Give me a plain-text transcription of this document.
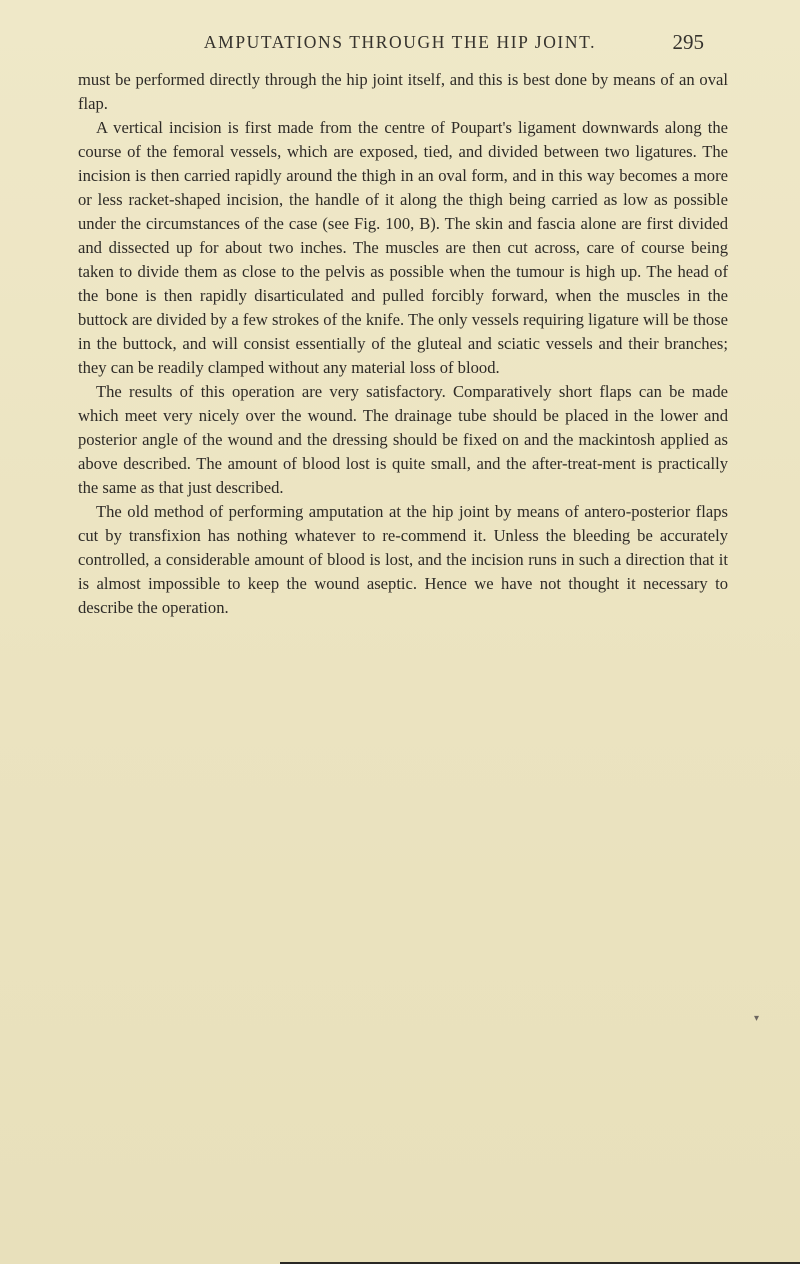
AMPUTATIONS THROUGH THE HIP JOINT.	295

must be performed directly through the hip joint itself, and this is best done by means of an oval flap.

A vertical incision is first made from the centre of Poupart's ligament downwards along the course of the femoral vessels, which are exposed, tied, and divided between two ligatures. The incision is then carried rapidly around the thigh in an oval form, and in this way becomes a more or less racket-shaped incision, the handle of it along the thigh being carried as low as possible under the circumstances of the case (see Fig. 100, B). The skin and fascia alone are first divided and dissected up for about two inches. The muscles are then cut across, care of course being taken to divide them as close to the pelvis as possible when the tumour is high up. The head of the bone is then rapidly disarticulated and pulled forcibly forward, when the muscles in the buttock are divided by a few strokes of the knife. The only vessels requiring ligature will be those in the buttock, and will consist essentially of the gluteal and sciatic vessels and their branches; they can be readily clamped without any material loss of blood.

The results of this operation are very satisfactory. Comparatively short flaps can be made which meet very nicely over the wound. The drainage tube should be placed in the lower and posterior angle of the wound and the dressing should be fixed on and the mackintosh applied as above described. The amount of blood lost is quite small, and the after-treat-ment is practically the same as that just described.

The old method of performing amputation at the hip joint by means of antero-posterior flaps cut by transfixion has nothing whatever to re-commend it. Unless the bleeding be accurately controlled, a considerable amount of blood is lost, and the incision runs in such a direction that it is almost impossible to keep the wound aseptic. Hence we have not thought it necessary to describe the operation.

▾
